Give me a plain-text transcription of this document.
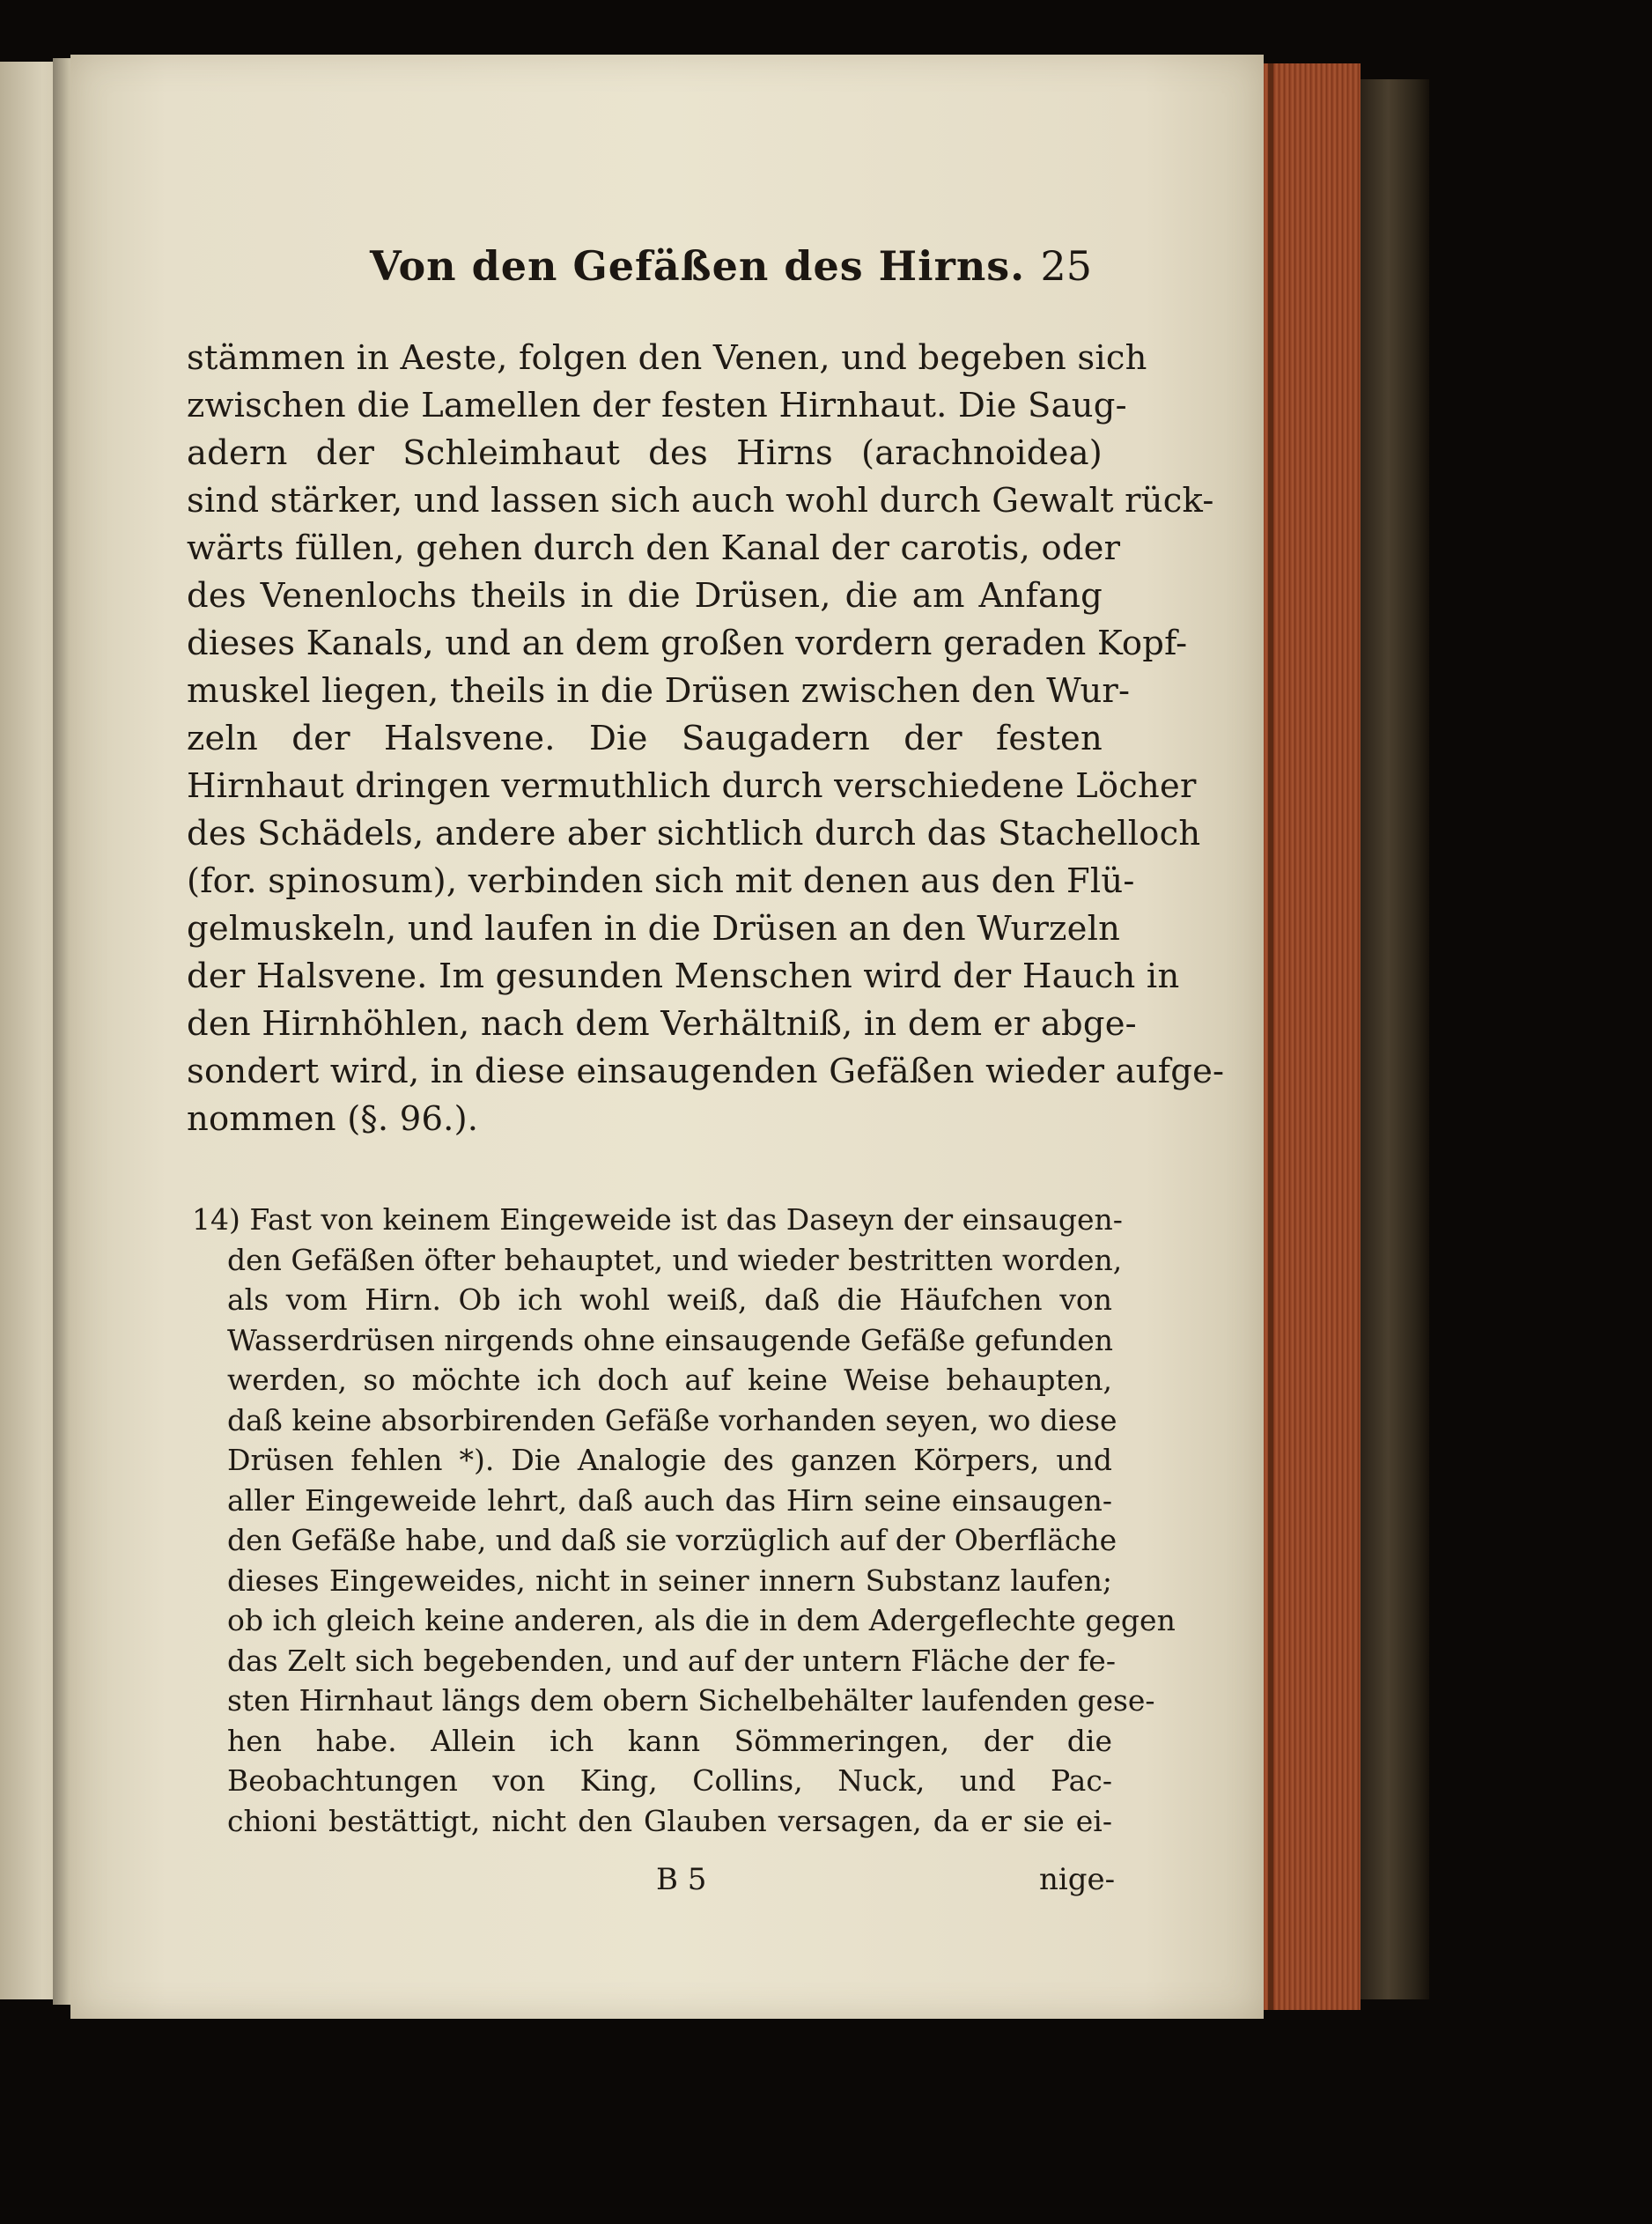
Von den Gefäßen des Hirns. 25
stämmen in Aeste, folgen den Venen, und begeben sich
zwischen die Lamellen der festen Hirnhaut. Die Saug-
adern der Schleimhaut des Hirns (arachnoidea)
sind stärker, und lassen sich auch wohl durch Gewalt rück-
wärts füllen, gehen durch den Kanal der carotis, oder
des Venenlochs theils in die Drüsen, die am Anfang
dieses Kanals, und an dem großen vordern geraden Kopf-
muskel liegen, theils in die Drüsen zwischen den Wur-
zeln der Halsvene. Die Saugadern der festen
Hirnhaut dringen vermuthlich durch verschiedene Löcher
des Schädels, andere aber sichtlich durch das Stachelloch
(for. spinosum), verbinden sich mit denen aus den Flü-
gelmuskeln, und laufen in die Drüsen an den Wurzeln
der Halsvene. Im gesunden Menschen wird der Hauch in
den Hirnhöhlen, nach dem Verhältniß, in dem er abge-
sondert wird, in diese einsaugenden Gefäßen wieder aufge-
nommen (§. 96.).
14) Fast von keinem Eingeweide ist das Daseyn der einsaugen-
den Gefäßen öfter behauptet, und wieder bestritten worden,
als vom Hirn. Ob ich wohl weiß, daß die Häufchen von
Wasserdrüsen nirgends ohne einsaugende Gefäße gefunden
werden, so möchte ich doch auf keine Weise behaupten,
daß keine absorbirenden Gefäße vorhanden seyen, wo diese
Drüsen fehlen *). Die Analogie des ganzen Körpers, und
aller Eingeweide lehrt, daß auch das Hirn seine einsaugen-
den Gefäße habe, und daß sie vorzüglich auf der Oberfläche
dieses Eingeweides, nicht in seiner innern Substanz laufen;
ob ich gleich keine anderen, als die in dem Adergeflechte gegen
das Zelt sich begebenden, und auf der untern Fläche der fe-
sten Hirnhaut längs dem obern Sichelbehälter laufenden gese-
hen habe. Allein ich kann Sömmeringen, der die
Beobachtungen von King, Collins, Nuck, und Pac-
chioni bestättigt, nicht den Glauben versagen, da er sie ei-
B 5	nige-
